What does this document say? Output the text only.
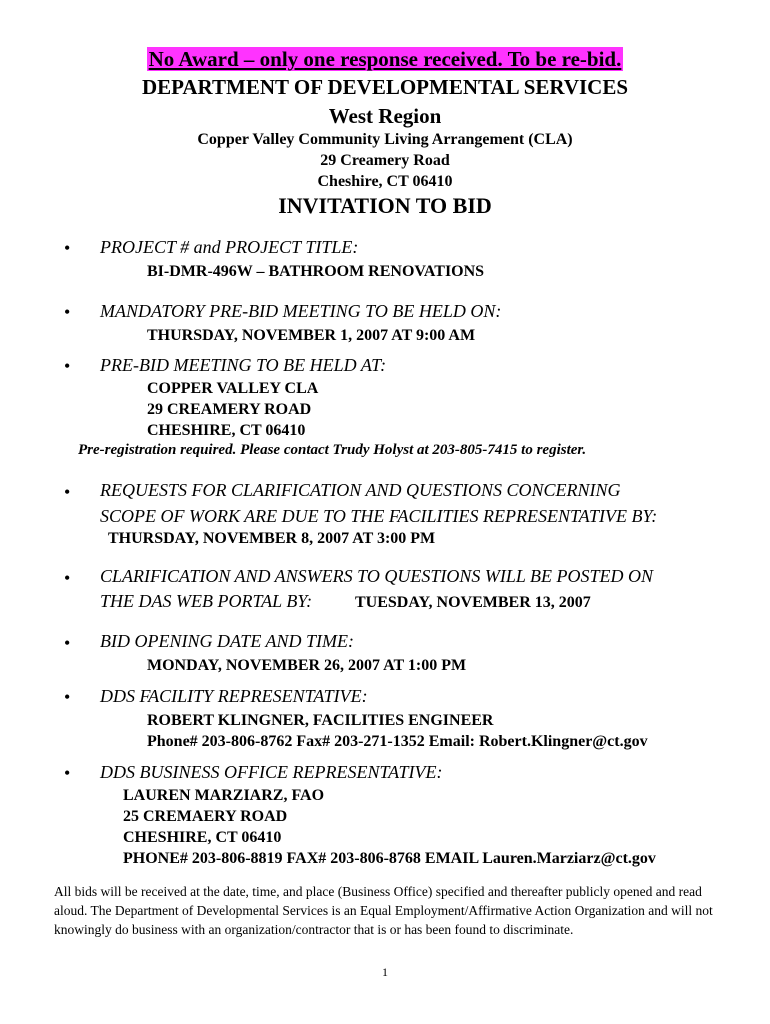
No Award – only one response received. To be re-bid.
DEPARTMENT OF DEVELOPMENTAL SERVICES
West Region
Copper Valley Community Living Arrangement (CLA)
29 Creamery Road
Cheshire, CT 06410
INVITATION TO BID
• PROJECT # and PROJECT TITLE:
BI-DMR-496W – BATHROOM RENOVATIONS
• MANDATORY PRE-BID MEETING TO BE HELD ON:
THURSDAY, NOVEMBER 1, 2007 AT 9:00 AM
• PRE-BID MEETING TO BE HELD AT:
COPPER VALLEY CLA
29 CREAMERY ROAD
CHESHIRE, CT 06410
Pre-registration required. Please contact Trudy Holyst at 203-805-7415 to register.
• REQUESTS FOR CLARIFICATION AND QUESTIONS CONCERNING
SCOPE OF WORK ARE DUE TO THE FACILITIES REPRESENTATIVE BY:
THURSDAY, NOVEMBER 8, 2007 AT 3:00 PM
• CLARIFICATION AND ANSWERS TO QUESTIONS WILL BE POSTED ON
THE DAS WEB PORTAL BY:	TUESDAY, NOVEMBER 13, 2007
• BID OPENING DATE AND TIME:
MONDAY, NOVEMBER 26, 2007 AT 1:00 PM
• DDS FACILITY REPRESENTATIVE:
ROBERT KLINGNER, FACILITIES ENGINEER
Phone# 203-806-8762 Fax# 203-271-1352 Email: Robert.Klingner@ct.gov
• DDS BUSINESS OFFICE REPRESENTATIVE:
LAUREN MARZIARZ, FAO
25 CREMAERY ROAD
CHESHIRE, CT 06410
PHONE# 203-806-8819 FAX# 203-806-8768 EMAIL Lauren.Marziarz@ct.gov
All bids will be received at the date, time, and place (Business Office) specified and thereafter publicly opened and read aloud. The Department of Developmental Services is an Equal Employment/Affirmative Action Organization and will not knowingly do business with an organization/contractor that is or has been found to discriminate.
1
